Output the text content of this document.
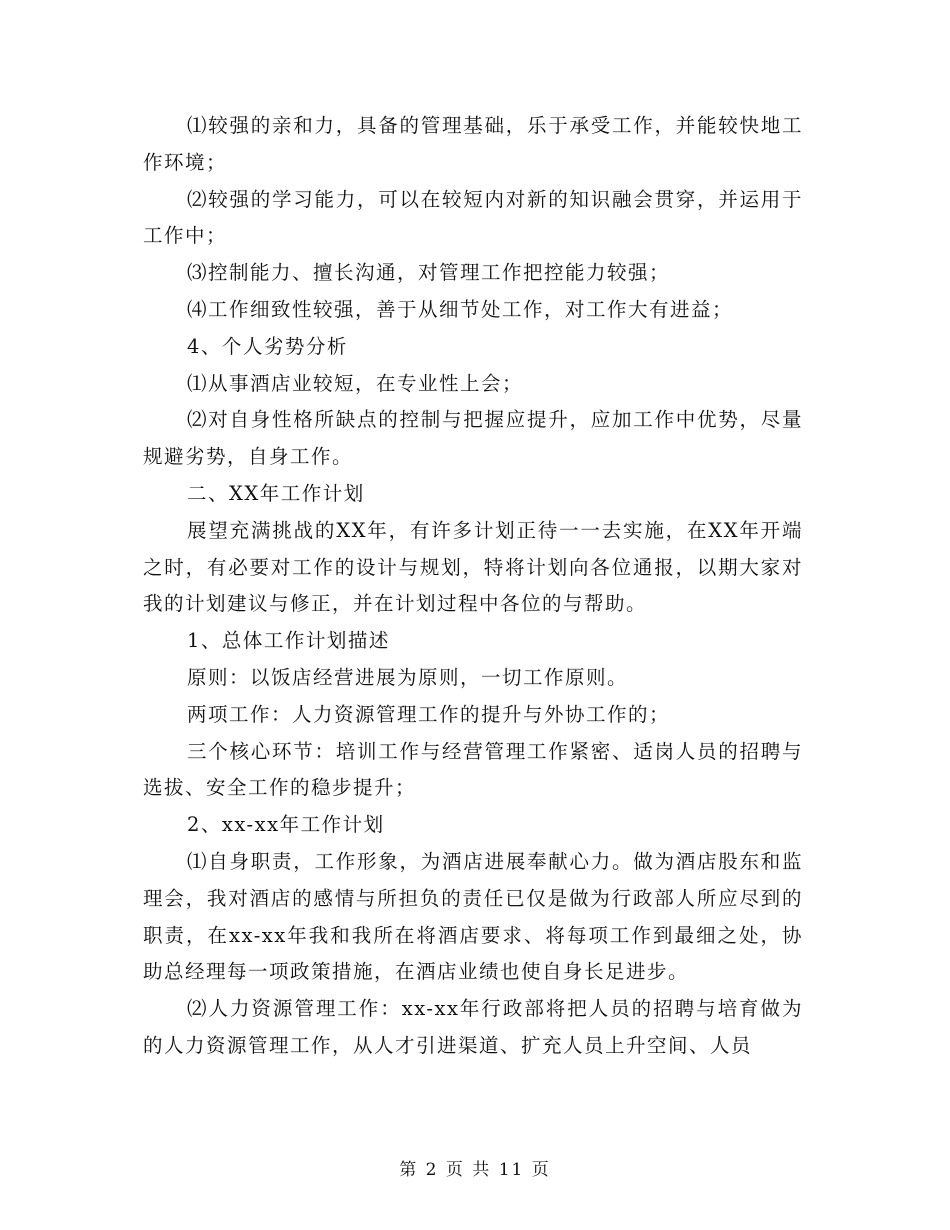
⑴较强的亲和力，具备的管理基础，乐于承受工作，并能较快地工作环境；

⑵较强的学习能力，可以在较短内对新的知识融会贯穿，并运用于工作中；

⑶控制能力、擅长沟通，对管理工作把控能力较强；

⑷工作细致性较强，善于从细节处工作，对工作大有进益；

4、个人劣势分析

⑴从事酒店业较短，在专业性上会；

⑵对自身性格所缺点的控制与把握应提升，应加工作中优势，尽量规避劣势，自身工作。

二、XX年工作计划

展望充满挑战的XX年，有许多计划正待一一去实施，在XX年开端之时，有必要对工作的设计与规划，特将计划向各位通报，以期大家对我的计划建议与修正，并在计划过程中各位的与帮助。

1、总体工作计划描述

原则：以饭店经营进展为原则，一切工作原则。

两项工作：人力资源管理工作的提升与外协工作的；

三个核心环节：培训工作与经营管理工作紧密、适岗人员的招聘与选拔、安全工作的稳步提升；

2、xx-xx年工作计划

⑴自身职责，工作形象，为酒店进展奉献心力。做为酒店股东和监理会，我对酒店的感情与所担负的责任已仅是做为行政部人所应尽到的职责，在xx-xx年我和我所在将酒店要求、将每项工作到最细之处，协助总经理每一项政策措施，在酒店业绩也使自身长足进步。

⑵人力资源管理工作：xx-xx年行政部将把人员的招聘与培育做为的人力资源管理工作，从人才引进渠道、扩充人员上升空间、人员

第 2 页 共 11 页
